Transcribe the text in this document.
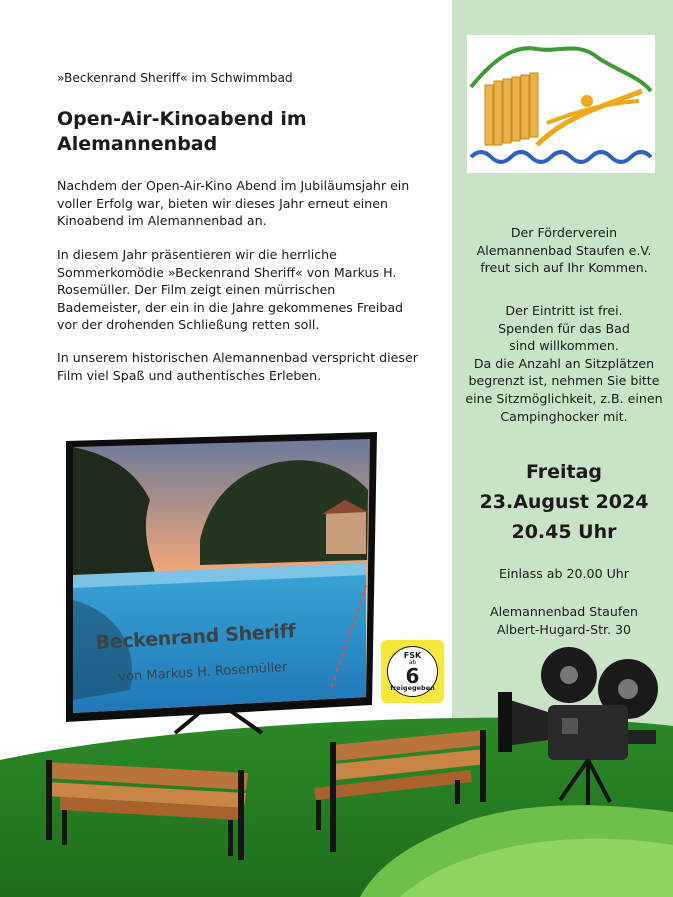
»Beckenrand Sheriff« im Schwimmbad
Open-Air-Kinoabend im
Alemannenbad
Nachdem der Open-Air-Kino Abend im Jubiläumsjahr ein
voller Erfolg war, bieten wir dieses Jahr erneut einen
Kinoabend im Alemannenbad an.
In diesem Jahr präsentieren wir die herrliche
Sommerkomödie »Beckenrand Sheriff« von Markus H.
Rosemüller. Der Film zeigt einen mürrischen
Bademeister, der ein in die Jahre gekommenes Freibad
vor der drohenden Schließung retten soll.
In unserem historischen Alemannenbad verspricht dieser
Film viel Spaß und authentisches Erleben.
Der Förderverein
Alemannenbad Staufen e.V.
freut sich auf Ihr Kommen.
Der Eintritt ist frei.
Spenden für das Bad
sind willkommen.
Da die Anzahl an Sitzplätzen
begrenzt ist, nehmen Sie bitte
eine Sitzmöglichkeit, z.B. einen
Campinghocker mit.
Freitag
23.August 2024
20.45 Uhr
Einlass ab 20.00 Uhr
Alemannenbad Staufen
Albert-Hugard-Str. 30
Beckenrand Sheriff
von Markus H. Rosemüller
FSK
ab
6
freigegeben
